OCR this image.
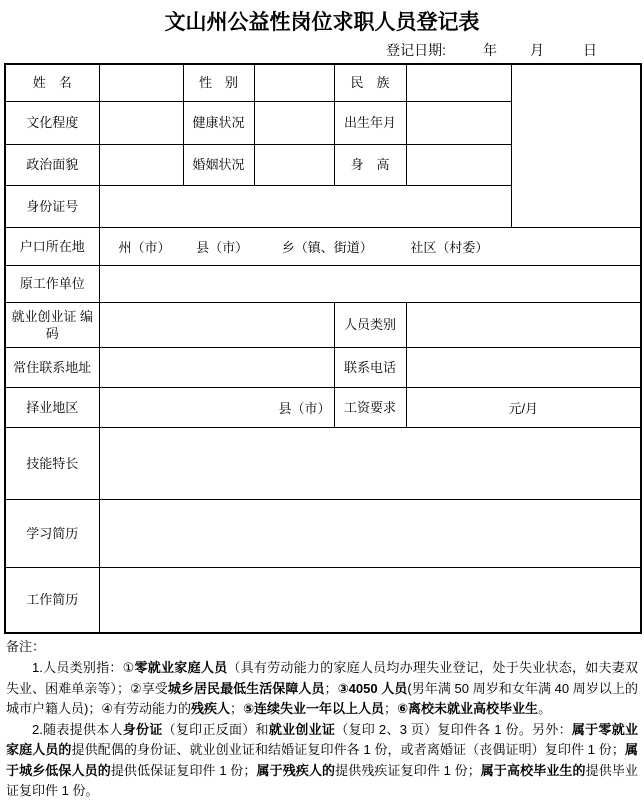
文山州公益性岗位求职人员登记表
登记日期:	年 月	日
姓　名		性　别		民　族		
文化程度		健康状况		出生年月		
政治面貌		婚姻状况		身　高		
身份证号						
户口所在地	州（市） 县（市） 乡（镇、街道） 社区（村委）					
原工作单位						
就业创业证 编码				人员类别		
常住联系地址				联系电话		
择业地区	县（市）			工资要求	元/月	
技能特长						
学习简历						
工作简历						
备注：

1.人员类别指：①零就业家庭人员（具有劳动能力的家庭人员均办理失业登记，处于失业状态，如夫妻双失业、困难单亲等）；②享受城乡居民最低生活保障人员；③4050 人员(男年满 50 周岁和女年满 40 周岁以上的城市户籍人员)；④有劳动能力的残疾人；⑤连续失业一年以上人员；⑥离校未就业高校毕业生。

2.随表提供本人身份证（复印正反面）和就业创业证（复印 2、3 页）复印件各 1 份。另外：属于零就业家庭人员的提供配偶的身份证、就业创业证和结婚证复印件各 1 份，或者离婚证（丧偶证明）复印件 1 份；属于城乡低保人员的提供低保证复印件 1 份；属于残疾人的提供残疾证复印件 1 份；属于高校毕业生的提供毕业证复印件 1 份。
